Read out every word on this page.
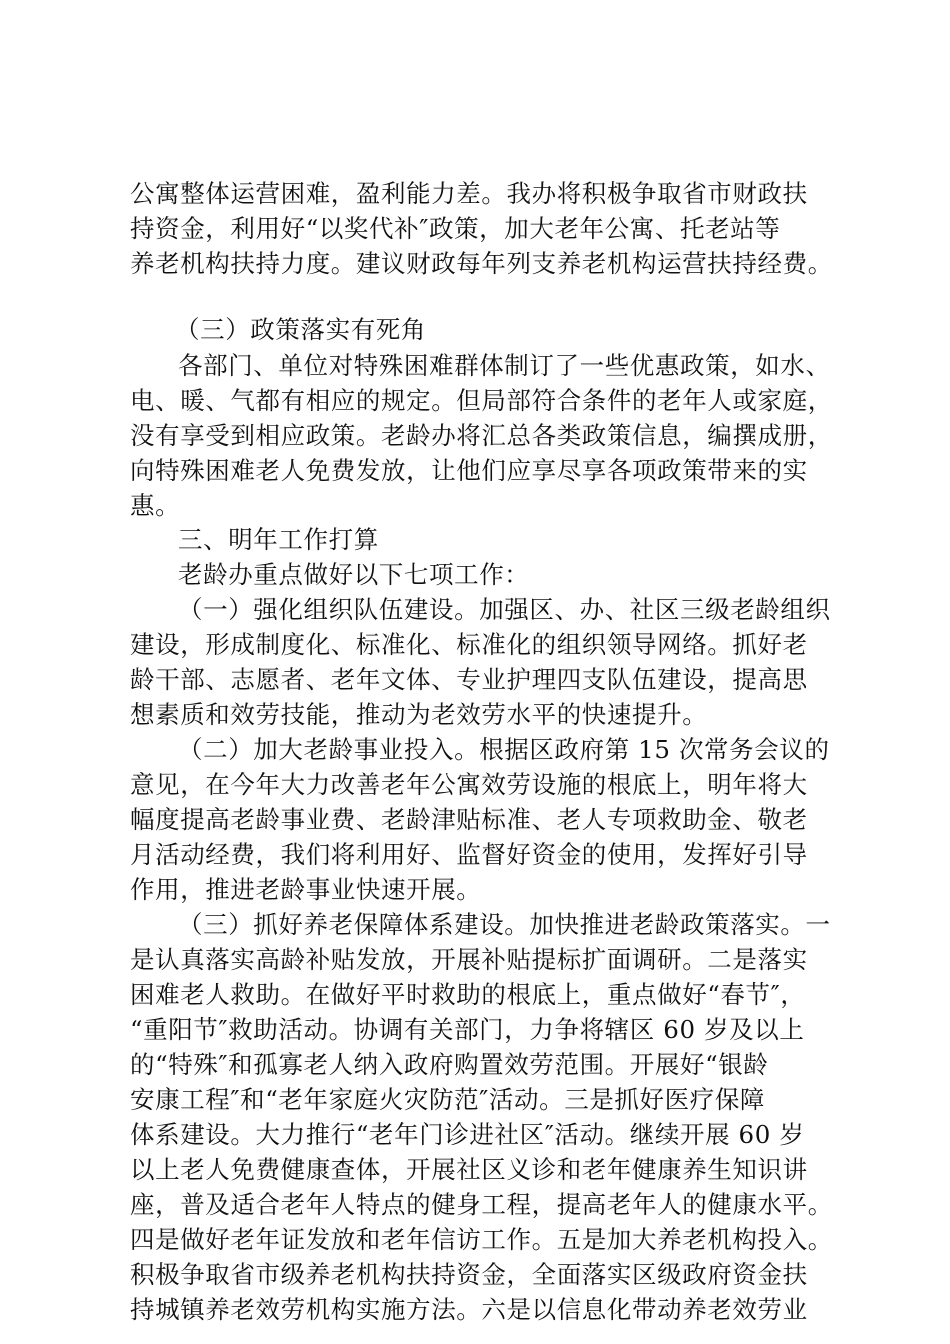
公寓整体运营困难，盈利能力差。我办将积极争取省市财政扶
持资金，利用好“以奖代补″政策，加大老年公寓、托老站等
养老机构扶持力度。建议财政每年列支养老机构运营扶持经费。
（三）政策落实有死角
各部门、单位对特殊困难群体制订了一些优惠政策，如水、
电、暖、气都有相应的规定。但局部符合条件的老年人或家庭，
没有享受到相应政策。老龄办将汇总各类政策信息，编撰成册，
向特殊困难老人免费发放，让他们应享尽享各项政策带来的实
惠。
三、明年工作打算
老龄办重点做好以下七项工作：
（一）强化组织队伍建设。加强区、办、社区三级老龄组织
建设，形成制度化、标准化、标准化的组织领导网络。抓好老
龄干部、志愿者、老年文体、专业护理四支队伍建设，提高思
想素质和效劳技能，推动为老效劳水平的快速提升。
（二）加大老龄事业投入。根据区政府第 15 次常务会议的
意见，在今年大力改善老年公寓效劳设施的根底上，明年将大
幅度提高老龄事业费、老龄津贴标准、老人专项救助金、敬老
月活动经费，我们将利用好、监督好资金的使用，发挥好引导
作用，推进老龄事业快速开展。
（三）抓好养老保障体系建设。加快推进老龄政策落实。一
是认真落实高龄补贴发放，开展补贴提标扩面调研。二是落实
困难老人救助。在做好平时救助的根底上，重点做好“春节″，
“重阳节″救助活动。协调有关部门，力争将辖区 60 岁及以上
的“特殊″和孤寡老人纳入政府购置效劳范围。开展好“银龄
安康工程″和“老年家庭火灾防范″活动。三是抓好医疗保障
体系建设。大力推行“老年门诊进社区″活动。继续开展 60 岁
以上老人免费健康查体，开展社区义诊和老年健康养生知识讲
座，普及适合老年人特点的健身工程，提高老年人的健康水平。
四是做好老年证发放和老年信访工作。五是加大养老机构投入。
积极争取省市级养老机构扶持资金，全面落实区级政府资金扶
持城镇养老效劳机构实施方法。六是以信息化带动养老效劳业
